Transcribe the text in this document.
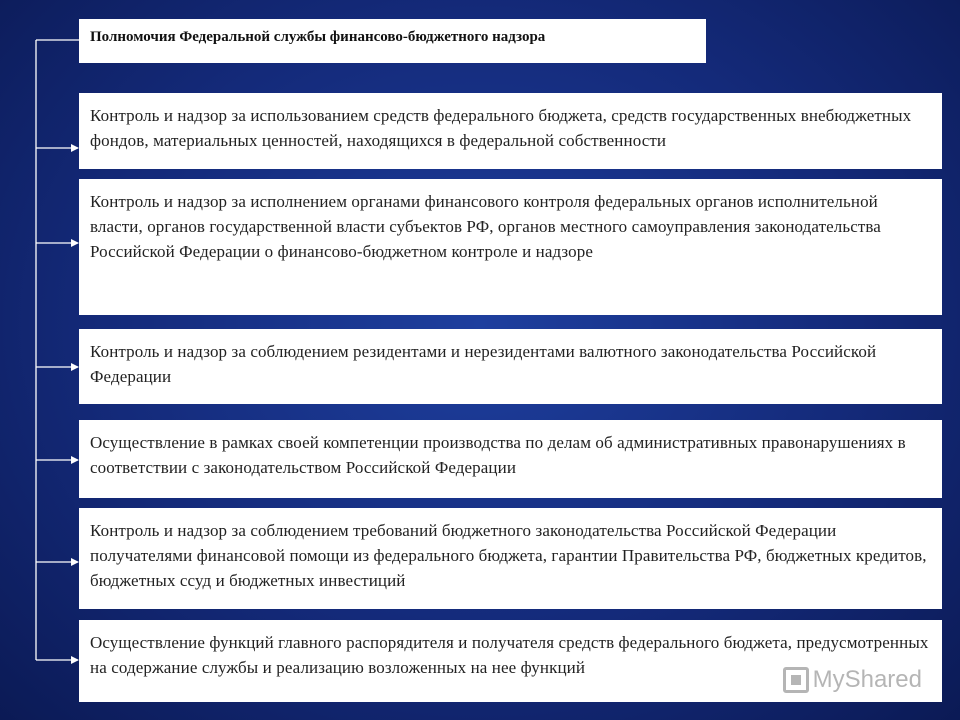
Полномочия Федеральной службы финансово-бюджетного надзора
Контроль и надзор за использованием средств федерального бюджета, средств государственных внебюджетных фондов, материальных ценностей, находящихся в федеральной собственности
Контроль и надзор за исполнением органами финансового контроля федеральных органов исполнительной власти, органов государственной власти субъектов РФ, органов местного самоуправления законодательства Российской Федерации о финансово-бюджетном контроле и надзоре
Контроль и надзор за соблюдением резидентами и нерезидентами валютного законодательства Российской Федерации
Осуществление в рамках своей компетенции производства по делам об административных правонарушениях в соответствии с законодательством Российской Федерации
Контроль и надзор за соблюдением требований бюджетного законодательства Российской Федерации получателями финансовой помощи из федерального бюджета, гарантии Правительства РФ, бюджетных кредитов, бюджетных ссуд и бюджетных инвестиций
Осуществление функций главного распорядителя и получателя средств федерального бюджета, предусмотренных на содержание службы и реализацию возложенных на нее функций	MyShared
